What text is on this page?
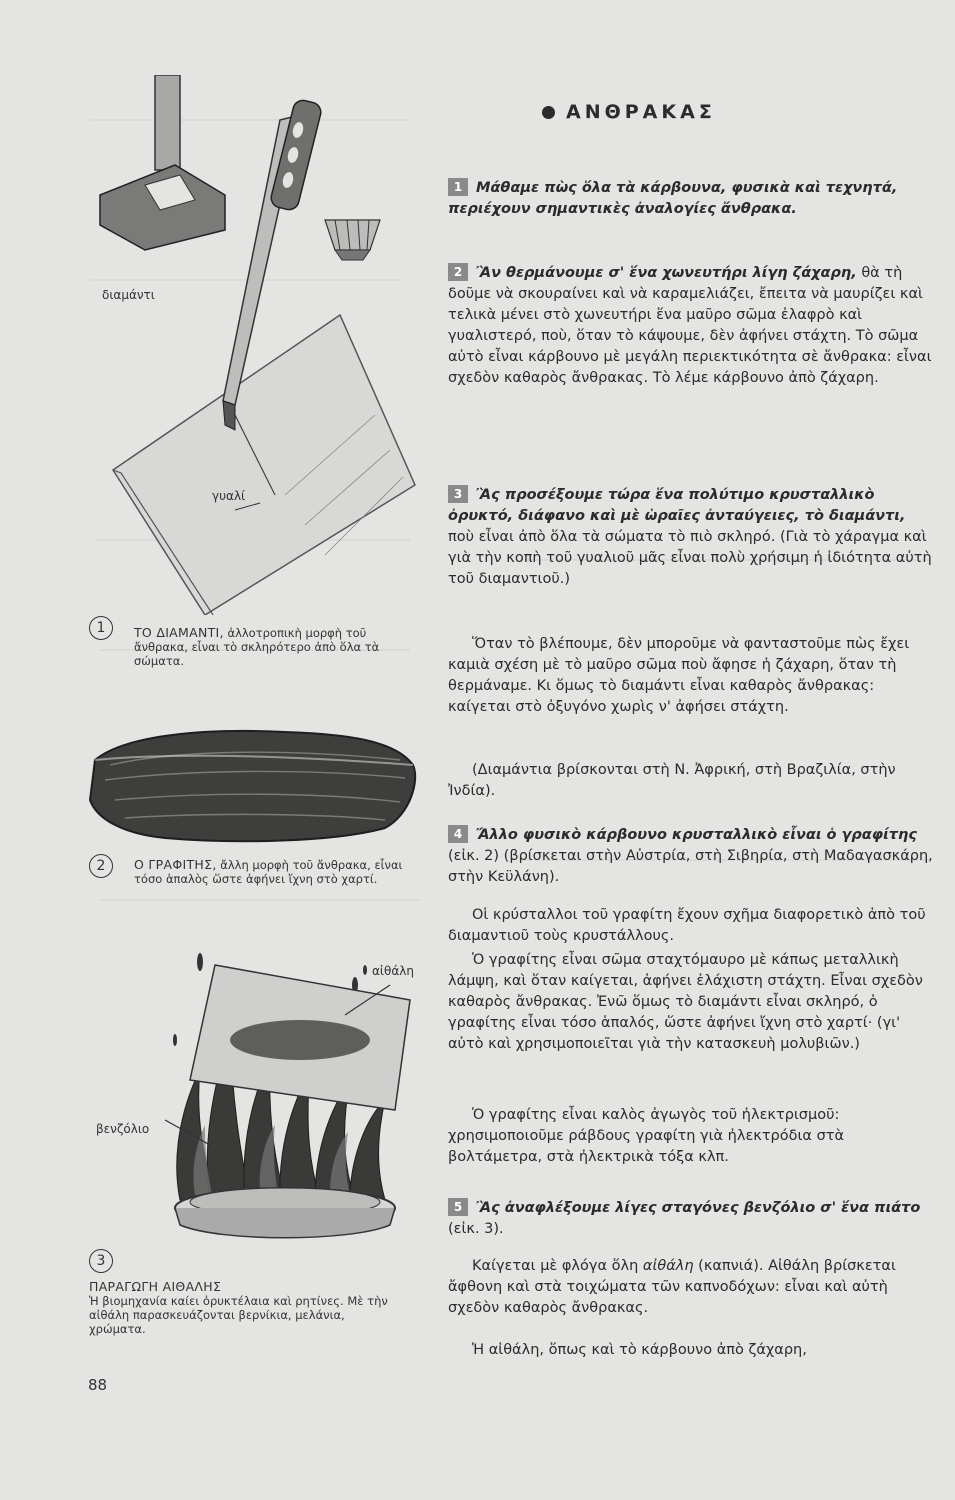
διαμάντι
γυαλί
1	ΤΟ ΔΙΑΜΑΝΤΙ, ἀλλοτροπικὴ μορφὴ τοῦ ἄνθρακα, εἶναι τὸ σκληρότερο ἀπὸ ὅλα τὰ σώματα.
2	Ο ΓΡΑΦΙΤΗΣ, ἄλλη μορφὴ τοῦ ἄνθρακα, εἶναι τόσο ἁπαλὸς ὥστε ἀφήνει ἴχνη στὸ χαρτί.
αἰθάλη
βενζόλιο
3
ΠΑΡΑΓΩΓΗ ΑΙΘΑΛΗΣ
Ἡ βιομηχανία καίει ὀρυκτέλαια καὶ ρητίνες. Μὲ τὴν αἰθάλη παρασκευάζονται βερνίκια, μελάνια, χρώματα.
88
ΑΝΘΡΑΚΑΣ
1 Μάθαμε πὼς ὅλα τὰ κάρβουνα, φυσικὰ καὶ τεχνητά, περιέχουν σημαντικὲς ἀναλογίες ἄνθρακα.
2 Ἂν θερμάνουμε σ' ἕνα χωνευτήρι λίγη ζάχαρη, θὰ τὴ δοῦμε νὰ σκουραίνει καὶ νὰ καραμελιάζει, ἔπειτα νὰ μαυρίζει καὶ τελικὰ μένει στὸ χωνευτήρι ἕνα μαῦρο σῶμα ἐλαφρὸ καὶ γυαλιστερό, ποὺ, ὅταν τὸ κάψουμε, δὲν ἀφήνει στάχτη. Τὸ σῶμα αὐτὸ εἶναι κάρβουνο μὲ μεγάλη περιεκτικότητα σὲ ἄνθρακα: εἶναι σχεδὸν καθαρὸς ἄνθρακας. Τὸ λέμε κάρβουνο ἀπὸ ζάχαρη.
3 Ἂς προσέξουμε τώρα ἕνα πολύτιμο κρυσταλλικὸ ὀρυκτό, διάφανο καὶ μὲ ὡραῖες ἀνταύγειες, τὸ διαμάντι, ποὺ εἶναι ἀπὸ ὅλα τὰ σώματα τὸ πιὸ σκληρό. (Γιὰ τὸ χάραγμα καὶ γιὰ τὴν κοπὴ τοῦ γυαλιοῦ μᾶς εἶναι πολὺ χρήσιμη ἡ ἰδιότητα αὐτὴ τοῦ διαμαντιοῦ.)
Ὅταν τὸ βλέπουμε, δὲν μποροῦμε νὰ φανταστοῦμε πὼς ἔχει καμιὰ σχέση μὲ τὸ μαῦρο σῶμα ποὺ ἄφησε ἡ ζάχαρη, ὅταν τὴ θερμάναμε. Κι ὅμως τὸ διαμάντι εἶναι καθαρὸς ἄνθρακας: καίγεται στὸ ὀξυγόνο χωρὶς ν' ἀφήσει στάχτη.
(Διαμάντια βρίσκονται στὴ Ν. Ἀφρική, στὴ Βραζιλία, στὴν Ἰνδία).
4 Ἄλλο φυσικὸ κάρβουνο κρυσταλλικὸ εἶναι ὁ γραφίτης (εἰκ. 2) (βρίσκεται στὴν Αὐστρία, στὴ Σιβηρία, στὴ Μαδαγασκάρη, στὴν Κεϋλάνη).
Οἱ κρύσταλλοι τοῦ γραφίτη ἔχουν σχῆμα διαφορετικὸ ἀπὸ τοῦ διαμαντιοῦ τοὺς κρυστάλλους.
Ὁ γραφίτης εἶναι σῶμα σταχτόμαυρο μὲ κάπως μεταλλικὴ λάμψη, καὶ ὅταν καίγεται, ἀφήνει ἐλάχιστη στάχτη. Εἶναι σχεδὸν καθαρὸς ἄνθρακας. Ἐνῶ ὅμως τὸ διαμάντι εἶναι σκληρό, ὁ γραφίτης εἶναι τόσο ἁπαλός, ὥστε ἀφήνει ἴχνη στὸ χαρτί· (γι' αὐτὸ καὶ χρησιμοποιεῖται γιὰ τὴν κατασκευὴ μολυβιῶν.)
Ὁ γραφίτης εἶναι καλὸς ἀγωγὸς τοῦ ἠλεκτρισμοῦ: χρησιμοποιοῦμε ράβδους γραφίτη γιὰ ἠλεκτρόδια στὰ βολτάμετρα, στὰ ἠλεκτρικὰ τόξα κλπ.
5 Ἂς ἀναφλέξουμε λίγες σταγόνες βενζόλιο σ' ἕνα πιάτο (εἰκ. 3).
Καίγεται μὲ φλόγα ὅλη αἰθάλη (καπνιά). Αἰθάλη βρίσκεται ἄφθονη καὶ στὰ τοιχώματα τῶν καπνοδόχων: εἶναι καὶ αὐτὴ σχεδὸν καθαρὸς ἄνθρακας.
Ἡ αἰθάλη, ὅπως καὶ τὸ κάρβουνο ἀπὸ ζάχαρη,
